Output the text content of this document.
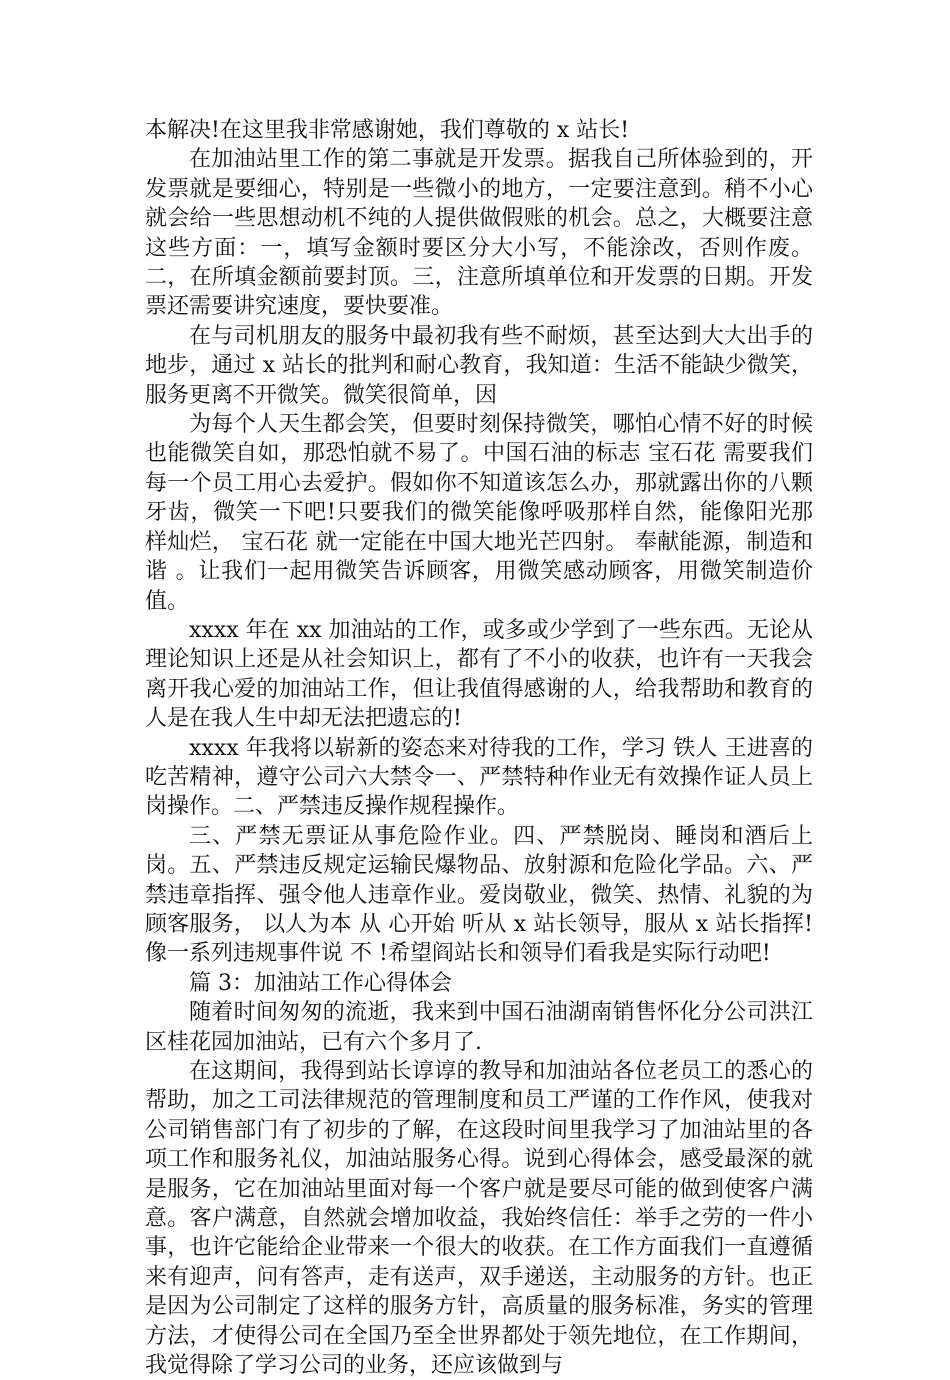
本解决!在这里我非常感谢她，我们尊敬的 x 站长!

在加油站里工作的第二事就是开发票。据我自己所体验到的，开发票就是要细心，特别是一些微小的地方，一定要注意到。稍不小心就会给一些思想动机不纯的人提供做假账的机会。总之，大概要注意这些方面：一，填写金额时要区分大小写，不能涂改，否则作废。二，在所填金额前要封顶。三，注意所填单位和开发票的日期。开发票还需要讲究速度，要快要准。

在与司机朋友的服务中最初我有些不耐烦，甚至达到大大出手的地步，通过 x 站长的批判和耐心教育，我知道：生活不能缺少微笑，服务更离不开微笑。微笑很简单，因

为每个人天生都会笑，但要时刻保持微笑，哪怕心情不好的时候也能微笑自如，那恐怕就不易了。中国石油的标志 宝石花 需要我们每一个员工用心去爱护。假如你不知道该怎么办，那就露出你的八颗牙齿，微笑一下吧!只要我们的微笑能像呼吸那样自然，能像阳光那样灿烂， 宝石花 就一定能在中国大地光芒四射。 奉献能源，制造和谐 。让我们一起用微笑告诉顾客，用微笑感动顾客，用微笑制造价值。

xxxx 年在 xx 加油站的工作，或多或少学到了一些东西。无论从理论知识上还是从社会知识上，都有了不小的收获，也许有一天我会离开我心爱的加油站工作，但让我值得感谢的人，给我帮助和教育的人是在我人生中却无法把遗忘的!

xxxx 年我将以崭新的姿态来对待我的工作，学习 铁人 王进喜的吃苦精神，遵守公司六大禁令一、严禁特种作业无有效操作证人员上岗操作。二、严禁违反操作规程操作。

三、严禁无票证从事危险作业。四、严禁脱岗、睡岗和酒后上岗。五、严禁违反规定运输民爆物品、放射源和危险化学品。六、严禁违章指挥、强令他人违章作业。爱岗敬业，微笑、热情、礼貌的为顾客服务， 以人为本 从 心开始 听从 x 站长领导，服从 x 站长指挥!像一系列违规事件说 不 !希望阎站长和领导们看我是实际行动吧!

篇 3：加油站工作心得体会

随着时间匆匆的流逝，我来到中国石油湖南销售怀化分公司洪江区桂花园加油站，已有六个多月了.

在这期间，我得到站长谆谆的教导和加油站各位老员工的悉心的帮助，加之工司法律规范的管理制度和员工严谨的工作作风，使我对公司销售部门有了初步的了解，在这段时间里我学习了加油站里的各项工作和服务礼仪，加油站服务心得。说到心得体会，感受最深的就是服务，它在加油站里面对每一个客户就是要尽可能的做到使客户满意。客户满意，自然就会增加收益，我始终信任：举手之劳的一件小事，也许它能给企业带来一个很大的收获。在工作方面我们一直遵循来有迎声，问有答声，走有送声，双手递送，主动服务的方针。也正是因为公司制定了这样的服务方针，高质量的服务标准，务实的管理方法，才使得公司在全国乃至全世界都处于领先地位，在工作期间，我觉得除了学习公司的业务，还应该做到与
